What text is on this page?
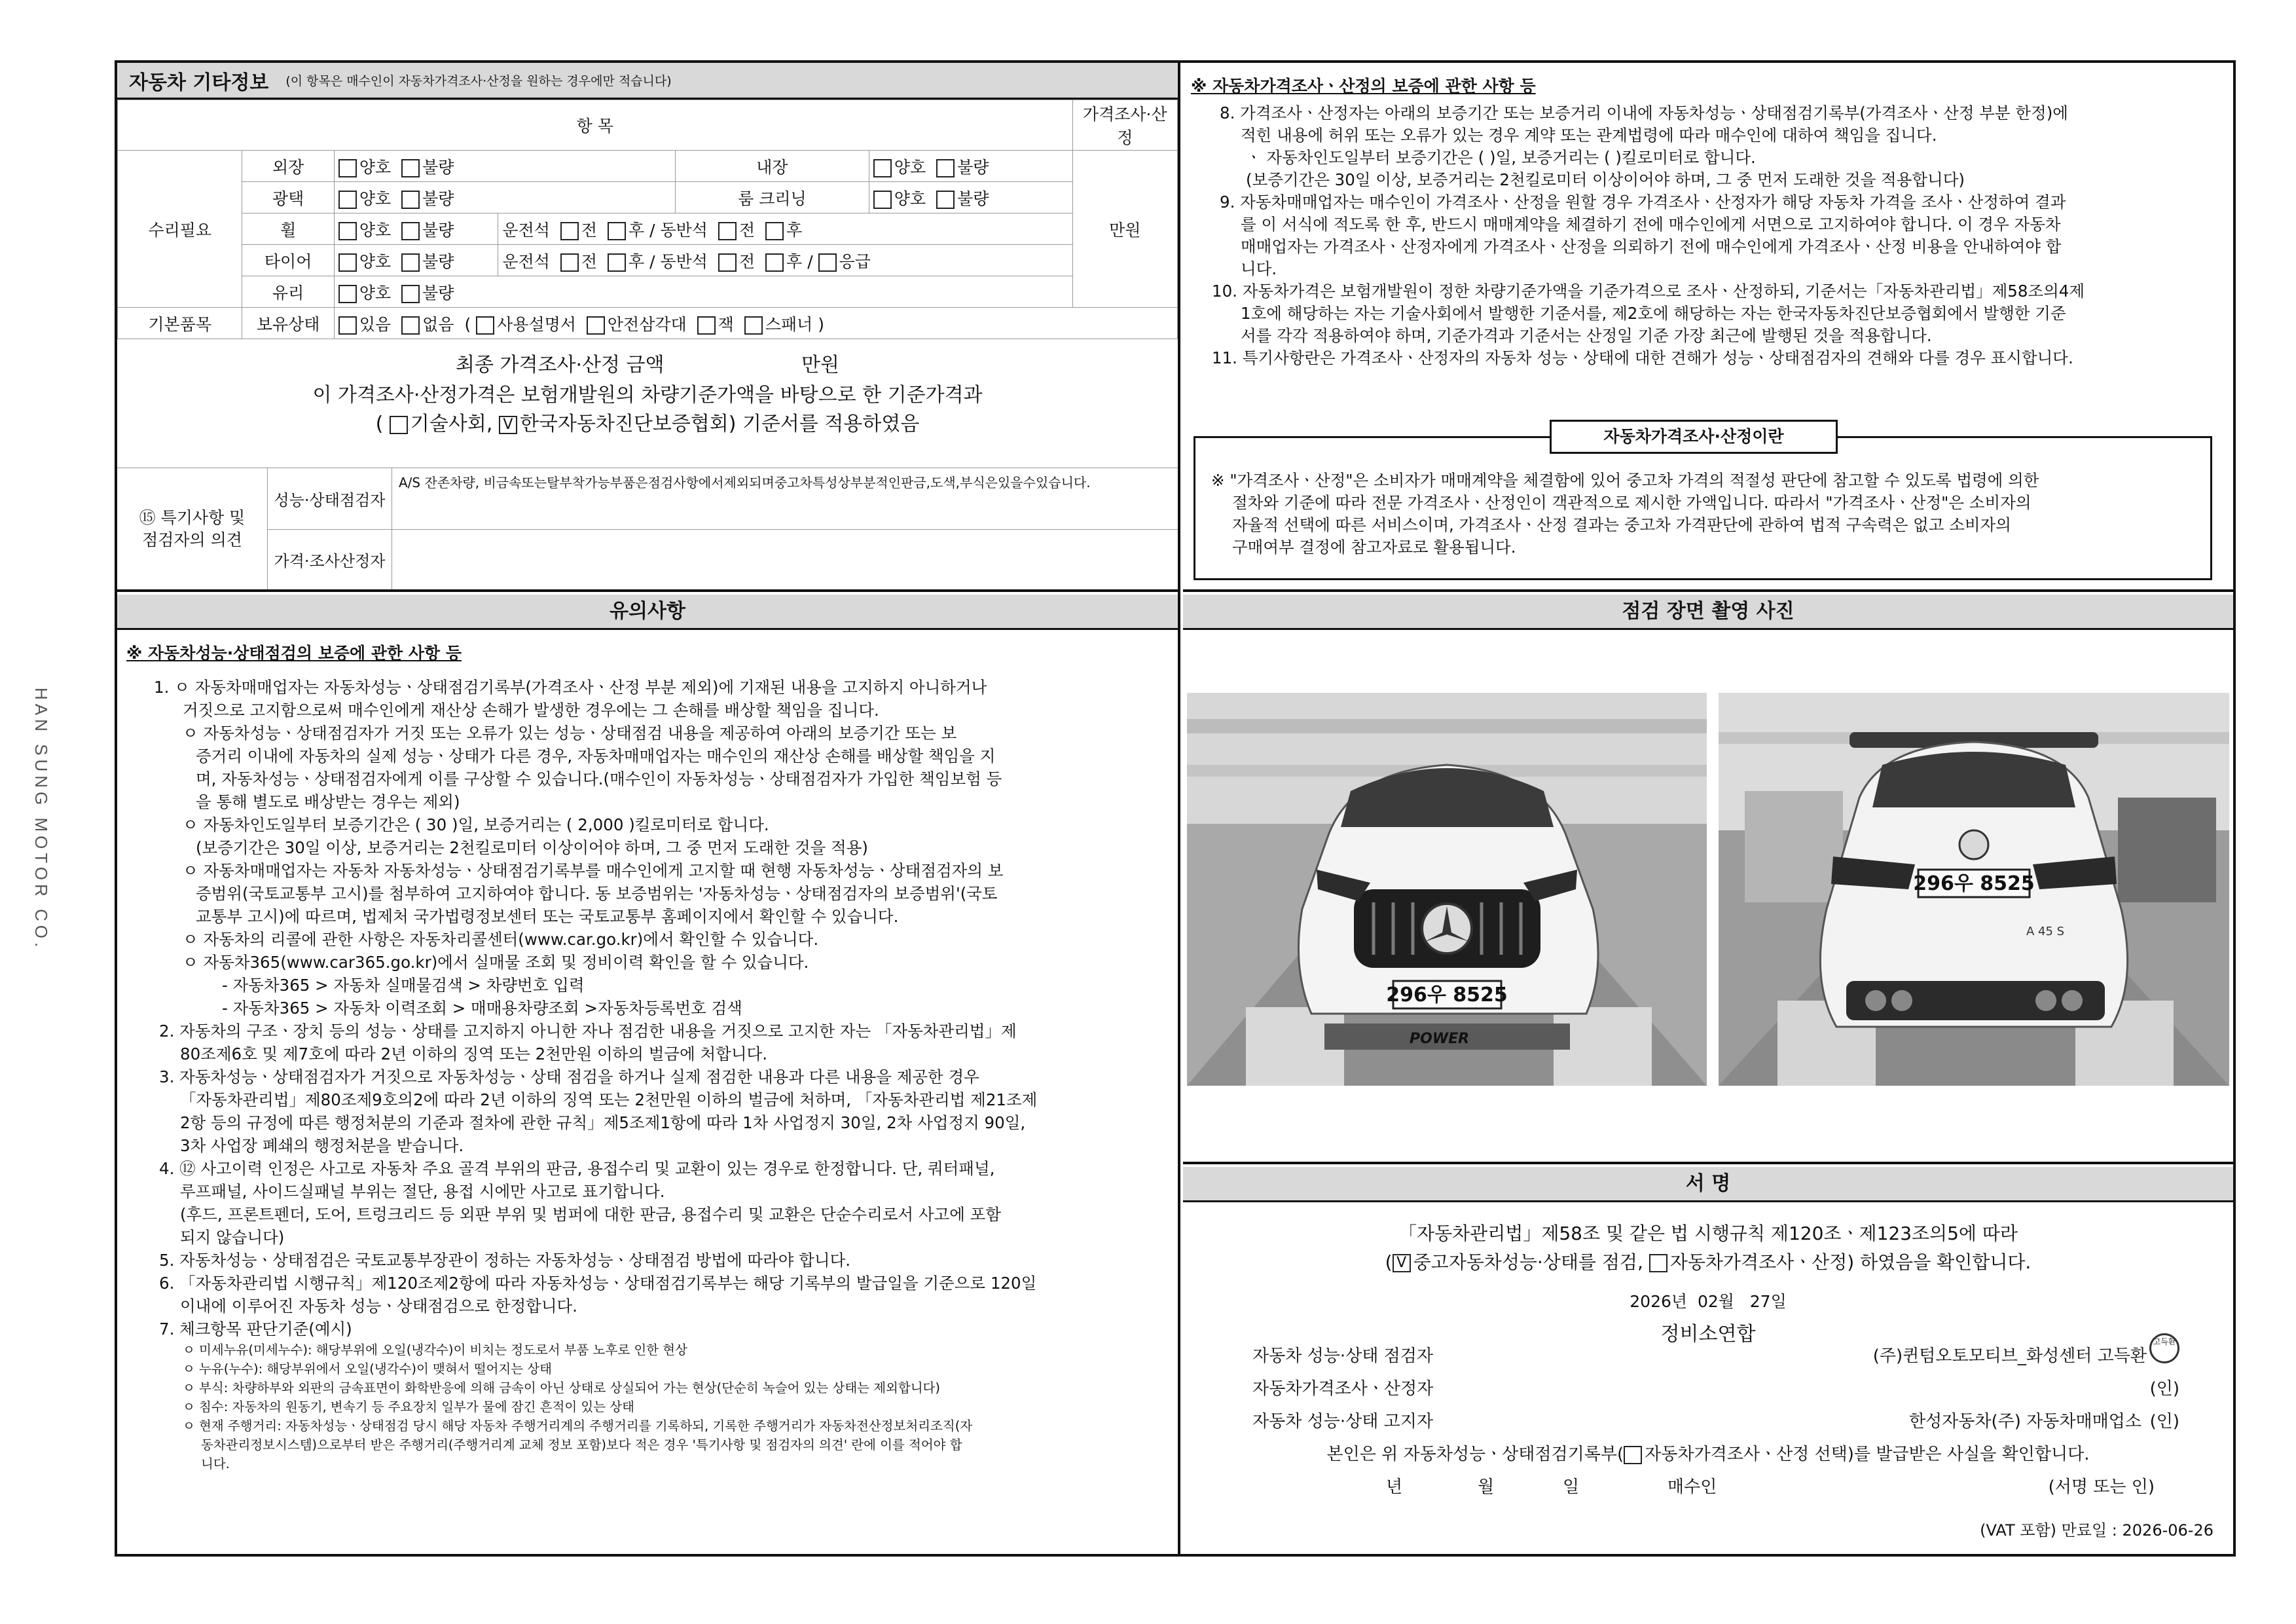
HAN SUNG MOTOR CO.
자동차 기타정보 (이 항목은 매수인이 자동차가격조사·산정을 원하는 경우에만 적습니다)
항 목						가격조사·산정
수리필요	외장	양호 불량		내장	양호 불량	만원
	광택	양호 불량		룸 크리닝	양호 불량	
	휠	양호 불량	운전석 전 후 / 동반석 전 후			
	타이어	양호 불량	운전석 전 후 / 동반석 전 후 / 응급			
	유리	양호 불량				
기본품목	보유상태	있음 없음 ( 사용설명서 안전삼각대 잭 스패너 )				
최종 가격조사·산정 금액	만원
이 가격조사·산정가격은 보험개발원의 차량기준가액을 바탕으로 한 기준가격과
( 기술사회, V 한국자동차진단보증협회) 기준서를 적용하였음
⑮ 특기사항 및
점검자의 의견
성능·상태점검자
A/S 잔존차량, 비금속또는탈부착가능부품은점검사항에서제외되며중고차특성상부분적인판금,도색,부식은있을수있습니다.
가격·조사산정자
유의사항
※ 자동차성능·상태점검의 보증에 관한 사항 등
1. ㅇ 자동차매매업자는 자동차성능ㆍ상태점검기록부(가격조사ㆍ산정 부분 제외)에 기재된 내용을 고지하지 아니하거나
거짓으로 고지함으로써 매수인에게 재산상 손해가 발생한 경우에는 그 손해를 배상할 책임을 집니다.
ㅇ 자동차성능ㆍ상태점검자가 거짓 또는 오류가 있는 성능ㆍ상태점검 내용을 제공하여 아래의 보증기간 또는 보
증거리 이내에 자동차의 실제 성능ㆍ상태가 다른 경우, 자동차매매업자는 매수인의 재산상 손해를 배상할 책임을 지
며, 자동차성능ㆍ상태점검자에게 이를 구상할 수 있습니다.(매수인이 자동차성능ㆍ상태점검자가 가입한 책임보험 등
을 통해 별도로 배상받는 경우는 제외)
ㅇ 자동차인도일부터 보증기간은 ( 30 )일, 보증거리는 ( 2,000 )킬로미터로 합니다.
(보증기간은 30일 이상, 보증거리는 2천킬로미터 이상이어야 하며, 그 중 먼저 도래한 것을 적용)
ㅇ 자동차매매업자는 자동차 자동차성능ㆍ상태점검기록부를 매수인에게 고지할 때 현행 자동차성능ㆍ상태점검자의 보
증범위(국토교통부 고시)를 첨부하여 고지하여야 합니다. 동 보증범위는 '자동차성능ㆍ상태점검자의 보증범위'(국토
교통부 고시)에 따르며, 법제처 국가법령정보센터 또는 국토교통부 홈페이지에서 확인할 수 있습니다.
ㅇ 자동차의 리콜에 관한 사항은 자동차리콜센터(www.car.go.kr)에서 확인할 수 있습니다.
ㅇ 자동차365(www.car365.go.kr)에서 실매물 조회 및 정비이력 확인을 할 수 있습니다.
- 자동차365 > 자동차 실매물검색 > 차량번호 입력
- 자동차365 > 자동차 이력조회 > 매매용차량조회 >자동차등록번호 검색
2. 자동차의 구조ㆍ장치 등의 성능ㆍ상태를 고지하지 아니한 자나 점검한 내용을 거짓으로 고지한 자는 「자동차관리법」제
80조제6호 및 제7호에 따라 2년 이하의 징역 또는 2천만원 이하의 벌금에 처합니다.
3. 자동차성능ㆍ상태점검자가 거짓으로 자동차성능ㆍ상태 점검을 하거나 실제 점검한 내용과 다른 내용을 제공한 경우
「자동차관리법」제80조제9호의2에 따라 2년 이하의 징역 또는 2천만원 이하의 벌금에 처하며, 「자동차관리법 제21조제
2항 등의 규정에 따른 행정처분의 기준과 절차에 관한 규칙」제5조제1항에 따라 1차 사업정지 30일, 2차 사업정지 90일,
3차 사업장 폐쇄의 행정처분을 받습니다.
4. ⑫ 사고이력 인정은 사고로 자동차 주요 골격 부위의 판금, 용접수리 및 교환이 있는 경우로 한정합니다. 단, 쿼터패널,
루프패널, 사이드실패널 부위는 절단, 용접 시에만 사고로 표기합니다.
(후드, 프론트펜더, 도어, 트렁크리드 등 외판 부위 및 범퍼에 대한 판금, 용접수리 및 교환은 단순수리로서 사고에 포함
되지 않습니다)
5. 자동차성능ㆍ상태점검은 국토교통부장관이 정하는 자동차성능ㆍ상태점검 방법에 따라야 합니다.
6. 「자동차관리법 시행규칙」제120조제2항에 따라 자동차성능ㆍ상태점검기록부는 해당 기록부의 발급일을 기준으로 120일
이내에 이루어진 자동차 성능ㆍ상태점검으로 한정합니다.
7. 체크항목 판단기준(예시)
ㅇ 미세누유(미세누수): 해당부위에 오일(냉각수)이 비치는 정도로서 부품 노후로 인한 현상
ㅇ 누유(누수): 해당부위에서 오일(냉각수)이 맺혀서 떨어지는 상태
ㅇ 부식: 차량하부와 외판의 금속표면이 화학반응에 의해 금속이 아닌 상태로 상실되어 가는 현상(단순히 녹슬어 있는 상태는 제외합니다)
ㅇ 침수: 자동차의 원동기, 변속기 등 주요장치 일부가 물에 잠긴 흔적이 있는 상태
ㅇ 현재 주행거리: 자동차성능ㆍ상태점검 당시 해당 자동차 주행거리계의 주행거리를 기록하되, 기록한 주행거리가 자동차전산정보처리조직(자
동차관리정보시스템)으로부터 받은 주행거리(주행거리계 교체 정보 포함)보다 적은 경우 '특기사항 및 점검자의 의견' 란에 이를 적어야 합
니다.
※ 자동차가격조사ㆍ산정의 보증에 관한 사항 등
8. 가격조사ㆍ산정자는 아래의 보증기간 또는 보증거리 이내에 자동차성능ㆍ상태점검기록부(가격조사ㆍ산정 부분 한정)에
적힌 내용에 허위 또는 오류가 있는 경우 계약 또는 관계법령에 따라 매수인에 대하여 책임을 집니다.
ㆍ 자동차인도일부터 보증기간은 ( )일, 보증거리는 ( )킬로미터로 합니다.
(보증기간은 30일 이상, 보증거리는 2천킬로미터 이상이어야 하며, 그 중 먼저 도래한 것을 적용합니다)
9. 자동차매매업자는 매수인이 가격조사ㆍ산정을 원할 경우 가격조사ㆍ산정자가 해당 자동차 가격을 조사ㆍ산정하여 결과
를 이 서식에 적도록 한 후, 반드시 매매계약을 체결하기 전에 매수인에게 서면으로 고지하여야 합니다. 이 경우 자동차
매매업자는 가격조사ㆍ산정자에게 가격조사ㆍ산정을 의뢰하기 전에 매수인에게 가격조사ㆍ산정 비용을 안내하여야 합
니다.
10. 자동차가격은 보험개발원이 정한 차량기준가액을 기준가격으로 조사ㆍ산정하되, 기준서는「자동차관리법」제58조의4제
1호에 해당하는 자는 기술사회에서 발행한 기준서를, 제2호에 해당하는 자는 한국자동차진단보증협회에서 발행한 기준
서를 각각 적용하여야 하며, 기준가격과 기준서는 산정일 기준 가장 최근에 발행된 것을 적용합니다.
11. 특기사항란은 가격조사ㆍ산정자의 자동차 성능ㆍ상태에 대한 견해가 성능ㆍ상태점검자의 견해와 다를 경우 표시합니다.
자동차가격조사·산정이란
※ "가격조사ㆍ산정"은 소비자가 매매계약을 체결함에 있어 중고차 가격의 적절성 판단에 참고할 수 있도록 법령에 의한
절차와 기준에 따라 전문 가격조사ㆍ산정인이 객관적으로 제시한 가액입니다. 따라서 "가격조사ㆍ산정"은 소비자의
자율적 선택에 따른 서비스이며, 가격조사ㆍ산정 결과는 중고차 가격판단에 관하여 법적 구속력은 없고 소비자의
구매여부 결정에 참고자료로 활용됩니다.
점검 장면 촬영 사진
296우 8525
POWER
296우 8525
A 45 S
서 명
「자동차관리법」제58조 및 같은 법 시행규칙 제120조ㆍ제123조의5에 따라
( V 중고자동차성능·상태를 점검, 자동차가격조사ㆍ산정) 하였음을 확인합니다.
2026년 02월 27일
정비소연합
자동차 성능·상태 점검자	(주)퀸텀오토모티브_화성센터 고득환
고득환
자동차가격조사ㆍ산정자	(인)
자동차 성능·상태 고지자	한성자동차(주) 자동차매매업소 (인)
본인은 위 자동차성능ㆍ상태점검기록부( 자동차가격조사ㆍ산정 선택)를 발급받은 사실을 확인합니다.
년	월	일	매수인	(서명 또는 인)
(VAT 포함) 만료일 : 2026-06-26
